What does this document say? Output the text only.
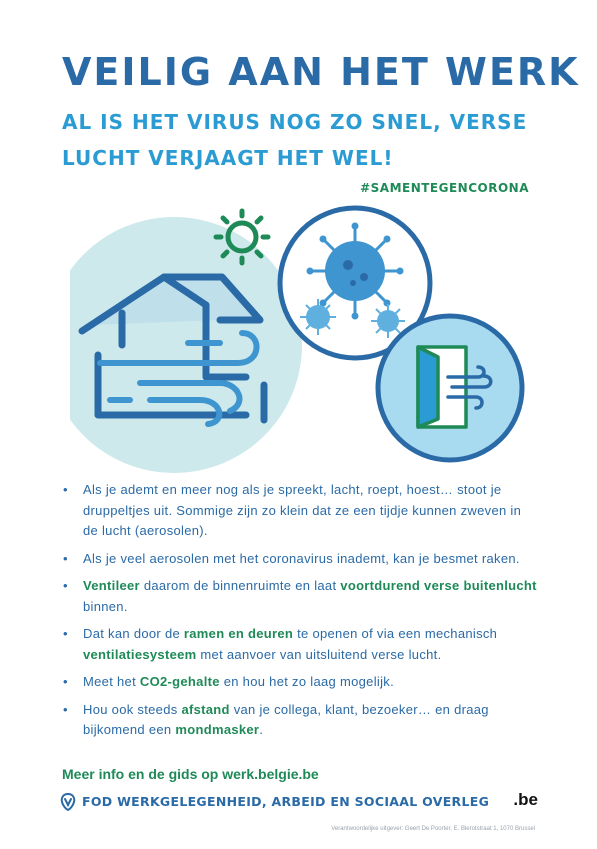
VEILIG AAN HET WERK
AL IS HET VIRUS NOG ZO SNEL, VERSE LUCHT VERJAAGT HET WEL!
#SAMENTEGENCORONA
• Als je ademt en meer nog als je spreekt, lacht, roept, hoest… stoot je druppeltjes uit. Sommige zijn zo klein dat ze een tijdje kunnen zweven in de lucht (aerosolen).
• Als je veel aerosolen met het coronavirus inademt, kan je besmet raken.
• Ventileer daarom de binnenruimte en laat voortdurend verse buitenlucht binnen.
• Dat kan door de ramen en deuren te openen of via een mechanisch ventilatiesysteem met aanvoer van uitsluitend verse lucht.
• Meet het CO2-gehalte en hou het zo laag mogelijk.
• Hou ook steeds afstand van je collega, klant, bezoeker… en draag bijkomend een mondmasker.
Meer info en de gids op werk.belgie.be
FOD WERKGELEGENHEID, ARBEID EN SOCIAAL OVERLEG .be
Verantwoordelijke uitgever: Geert De Poorter, E. Blerotstraat 1, 1070 Brussel
